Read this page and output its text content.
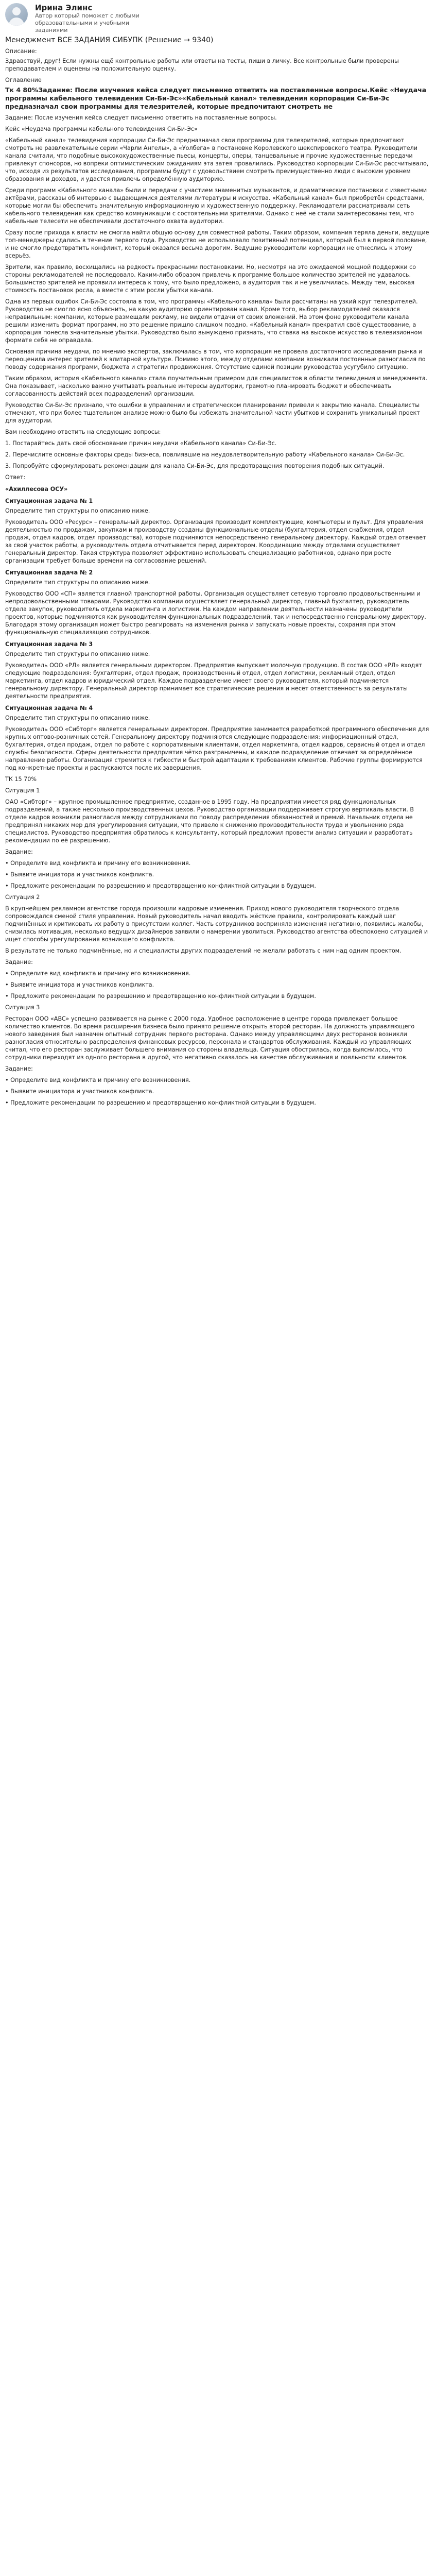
Ирина Элинс
Автор который поможет с любыми образовательными и учебными заданиями
Менеджмент ВСЕ ЗАДАНИЯ СИБУПК (Решение → 9340)
Описание:
Здравствуй, друг! Если нужны ещё контрольные работы или ответы на тесты, пиши в личку. Все контрольные были проверены преподавателем и оценены на положительную оценку.
Оглавление
Тк 4 80%Задание: После изучения кейса следует письменно ответить на поставленные вопросы.Кейс «Неудача программы кабельного телевидения Си-Би-Эс»«Кабельный канал» телевидения корпорации Си-Би-Эс предназначал свои программы для телезрителей, которые предпочитают смотреть не
Задание: После изучения кейса следует письменно ответить на поставленные вопросы.
Кейс «Неудача программы кабельного телевидения Си-Би-Эс»
«Кабельный канал» телевидения корпорации Си-Би-Эс предназначал свои программы для телезрителей, которые предпочитают смотреть не развлекательные серии «Чарли Ангелы», а «Уолбега» в постановке Королевского шекспировского театра. Руководители канала считали, что подобные высокохудожественные пьесы, концерты, оперы, танцевальные и прочие художественные передачи привлекут спонсоров, но вопреки оптимистическим ожиданиям эта затея провалилась. Руководство корпорации Си-Би-Эс рассчитывало, что, исходя из результатов исследования, программы будут с удовольствием смотреть преимущественно люди с высоким уровнем образования и доходов, и удастся привлечь определённую аудиторию.
Среди программ «Кабельного канала» были и передачи с участием знаменитых музыкантов, и драматические постановки с известными актёрами, рассказы об интервью с выдающимися деятелями литературы и искусства. «Кабельный канал» был приобретён средствами, которые могли бы обеспечить значительную информационную и художественную поддержку. Рекламодатели рассматривали сеть кабельного телевидения как средство коммуникации с состоятельными зрителями. Однако с неё не стали заинтересованы тем, что кабельные телесети не обеспечивали достаточного охвата аудитории.
Сразу после прихода к власти не смогла найти общую основу для совместной работы. Таким образом, компания теряла деньги, ведущие топ-менеджеры сдались в течение первого года. Руководство не использовало позитивный потенциал, который был в первой половине, и не смогло предотвратить конфликт, который оказался весьма дорогим. Ведущие руководители корпорации не отнеслись к этому всерьёз.
Зрители, как правило, восхищались на редкость прекрасными постановками. Но, несмотря на это ожидаемой мощной поддержки со стороны рекламодателей не последовало. Каким-либо образом привлечь к программе большое количество зрителей не удавалось. Большинство зрителей не проявили интереса к тому, что было предложено, а аудитория так и не увеличилась. Между тем, высокая стоимость постановок росла, а вместе с этим росли убытки канала.
Одна из первых ошибок Си-Би-Эс состояла в том, что программы «Кабельного канала» были рассчитаны на узкий круг телезрителей. Руководство не смогло ясно объяснить, на какую аудиторию ориентирован канал. Кроме того, выбор рекламодателей оказался неправильным: компании, которые размещали рекламу, не видели отдачи от своих вложений. На этом фоне руководители канала решили изменить формат программ, но это решение пришло слишком поздно. «Кабельный канал» прекратил своё существование, а корпорация понесла значительные убытки. Руководство было вынуждено признать, что ставка на высокое искусство в телевизионном формате себя не оправдала.
Основная причина неудачи, по мнению экспертов, заключалась в том, что корпорация не провела достаточного исследования рынка и переоценила интерес зрителей к элитарной культуре. Помимо этого, между отделами компании возникали постоянные разногласия по поводу содержания программ, бюджета и стратегии продвижения. Отсутствие единой позиции руководства усугубило ситуацию.
Таким образом, история «Кабельного канала» стала поучительным примером для специалистов в области телевидения и менеджмента. Она показывает, насколько важно учитывать реальные интересы аудитории, грамотно планировать бюджет и обеспечивать согласованность действий всех подразделений организации.
Руководство Си-Би-Эс признало, что ошибки в управлении и стратегическом планировании привели к закрытию канала. Специалисты отмечают, что при более тщательном анализе можно было бы избежать значительной части убытков и сохранить уникальный проект для аудитории.
Вам необходимо ответить на следующие вопросы:
1. Постарайтесь дать своё обоснование причин неудачи «Кабельного канала» Си-Би-Эс.
2. Перечислите основные факторы среды бизнеса, повлиявшие на неудовлетворительную работу «Кабельного канала» Си-Би-Эс.
3. Попробуйте сформулировать рекомендации для канала Си-Би-Эс, для предотвращения повторения подобных ситуаций.
Ответ:
«Ахиллесова ОСУ»
Ситуационная задача № 1
Определите тип структуры по описанию ниже.
Руководитель ООО «Ресурс» – генеральный директор. Организация производит комплектующие, компьютеры и пульт. Для управления деятельностью по продажам, закупкам и производству созданы функциональные отделы (бухгалтерия, отдел снабжения, отдел продаж, отдел кадров, отдел производства), которые подчиняются непосредственно генеральному директору. Каждый отдел отвечает за свой участок работы, а руководитель отдела отчитывается перед директором. Координацию между отделами осуществляет генеральный директор. Такая структура позволяет эффективно использовать специализацию работников, однако при росте организации требует больше времени на согласование решений.
Ситуационная задача № 2
Определите тип структуры по описанию ниже.
Руководство ООО «СП» является главной транспортной работы. Организация осуществляет сетевую торговлю продовольственными и непродовольственными товарами. Руководство компании осуществляет генеральный директор, главный бухгалтер, руководитель отдела закупок, руководитель отдела маркетинга и логистики. На каждом направлении деятельности назначены руководители проектов, которые подчиняются как руководителям функциональных подразделений, так и непосредственно генеральному директору. Благодаря этому организация может быстро реагировать на изменения рынка и запускать новые проекты, сохраняя при этом функциональную специализацию сотрудников.
Ситуационная задача № 3
Определите тип структуры по описанию ниже.
Руководитель ООО «РЛ» является генеральным директором. Предприятие выпускает молочную продукцию. В состав ООО «РЛ» входят следующие подразделения: бухгалтерия, отдел продаж, производственный отдел, отдел логистики, рекламный отдел, отдел маркетинга, отдел кадров и юридический отдел. Каждое подразделение имеет своего руководителя, который подчиняется генеральному директору. Генеральный директор принимает все стратегические решения и несёт ответственность за результаты деятельности предприятия.
Ситуационная задача № 4
Определите тип структуры по описанию ниже.
Руководитель ООО «Сибторг» является генеральным директором. Предприятие занимается разработкой программного обеспечения для крупных оптово-розничных сетей. Генеральному директору подчиняются следующие подразделения: информационный отдел, бухгалтерия, отдел продаж, отдел по работе с корпоративными клиентами, отдел маркетинга, отдел кадров, сервисный отдел и отдел службы безопасности. Сферы деятельности предприятия чётко разграничены, и каждое подразделение отвечает за определённое направление работы. Организация стремится к гибкости и быстрой адаптации к требованиям клиентов. Рабочие группы формируются под конкретные проекты и распускаются после их завершения.
ТК 15 70%
Ситуация 1
ОАО «Сибторг» – крупное промышленное предприятие, созданное в 1995 году. На предприятии имеется ряд функциональных подразделений, а также несколько производственных цехов. Руководство организации поддерживает строгую вертикаль власти. В отделе кадров возникли разногласия между сотрудниками по поводу распределения обязанностей и премий. Начальник отдела не предпринял никаких мер для урегулирования ситуации, что привело к снижению производительности труда и увольнению ряда специалистов. Руководство предприятия обратилось к консультанту, который предложил провести анализ ситуации и разработать рекомендации по её разрешению.
Задание:
• Определите вид конфликта и причину его возникновения.
• Выявите инициатора и участников конфликта.
• Предложите рекомендации по разрешению и предотвращению конфликтной ситуации в будущем.
Ситуация 2
В крупнейшем рекламном агентстве города произошли кадровые изменения. Приход нового руководителя творческого отдела сопровождался сменой стиля управления. Новый руководитель начал вводить жёсткие правила, контролировать каждый шаг подчинённых и критиковать их работу в присутствии коллег. Часть сотрудников восприняла изменения негативно, появились жалобы, снизилась мотивация, несколько ведущих дизайнеров заявили о намерении уволиться. Руководство агентства обеспокоено ситуацией и ищет способы урегулирования возникшего конфликта.
В результате не только подчинённые, но и специалисты других подразделений не желали работать с ним над одним проектом.
Задание:
• Определите вид конфликта и причину его возникновения.
• Выявите инициатора и участников конфликта.
• Предложите рекомендации по разрешению и предотвращению конфликтной ситуации в будущем.
Ситуация 3
Ресторан ООО «ABC» успешно развивается на рынке с 2000 года. Удобное расположение в центре города привлекает большое количество клиентов. Во время расширения бизнеса было принято решение открыть второй ресторан. На должность управляющего нового заведения был назначен опытный сотрудник первого ресторана. Однако между управляющими двух ресторанов возникли разногласия относительно распределения финансовых ресурсов, персонала и стандартов обслуживания. Каждый из управляющих считал, что его ресторан заслуживает большего внимания со стороны владельца. Ситуация обострилась, когда выяснилось, что сотрудники переходят из одного ресторана в другой, что негативно сказалось на качестве обслуживания и лояльности клиентов.
Задание:
• Определите вид конфликта и причину его возникновения.
• Выявите инициатора и участников конфликта.
• Предложите рекомендации по разрешению и предотвращению конфликтной ситуации в будущем.
